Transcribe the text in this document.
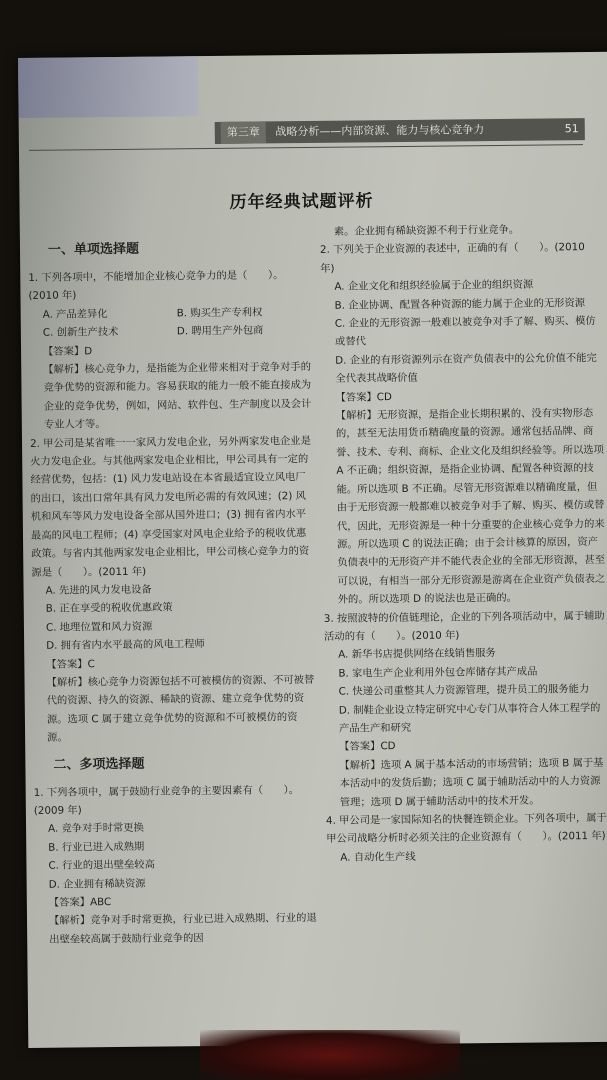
第三章 战略分析——内部资源、能力与核心竞争力	51
历年经典试题评析
一、单项选择题

1. 下列各项中，不能增加企业核心竞争力的是（　　）。(2010 年)

A. 产品差异化	B. 购买生产专利权
C. 创新生产技术	D. 聘用生产外包商

【答案】D

【解析】核心竞争力，是指能为企业带来相对于竞争对手的竞争优势的资源和能力。容易获取的能力一般不能直接成为企业的竞争优势，例如，网站、软件包、生产制度以及会计专业人才等。

2. 甲公司是某省唯一一家风力发电企业，另外两家发电企业是火力发电企业。与其他两家发电企业相比，甲公司具有一定的经营优势，包括：(1) 风力发电站设在本省最适宜设立风电厂的出口，该出口常年具有风力发电所必需的有效风速；(2) 风机和风车等风力发电设备全部从国外进口；(3) 拥有省内水平最高的风电工程师；(4) 享受国家对风电企业给予的税收优惠政策。与省内其他两家发电企业相比，甲公司核心竞争力的资源是（　　）。(2011 年)

A. 先进的风力发电设备

B. 正在享受的税收优惠政策

C. 地理位置和风力资源

D. 拥有省内水平最高的风电工程师

【答案】C

【解析】核心竞争力资源包括不可被模仿的资源、不可被替代的资源、持久的资源、稀缺的资源、建立竞争优势的资源。选项 C 属于建立竞争优势的资源和不可被模仿的资源。

二、多项选择题

1. 下列各项中，属于鼓励行业竞争的主要因素有（　　）。(2009 年)

A. 竞争对手时常更换

B. 行业已进入成熟期

C. 行业的退出壁垒较高

D. 企业拥有稀缺资源

【答案】ABC

【解析】竞争对手时常更换，行业已进入成熟期、行业的退出壁垒较高属于鼓励行业竞争的因

素。企业拥有稀缺资源不利于行业竞争。

2. 下列关于企业资源的表述中，正确的有（　　）。(2010 年)

A. 企业文化和组织经验属于企业的组织资源

B. 企业协调、配置各种资源的能力属于企业的无形资源

C. 企业的无形资源一般难以被竞争对手了解、购买、模仿或替代

D. 企业的有形资源列示在资产负债表中的公允价值不能完全代表其战略价值

【答案】CD

【解析】无形资源，是指企业长期积累的、没有实物形态的，甚至无法用货币精确度量的资源。通常包括品牌、商誉、技术、专利、商标、企业文化及组织经验等。所以选项 A 不正确；组织资源，是指企业协调、配置各种资源的技能。所以选项 B 不正确。尽管无形资源难以精确度量，但由于无形资源一般都难以被竞争对手了解、购买、模仿或替代，因此，无形资源是一种十分重要的企业核心竞争力的来源。所以选项 C 的说法正确；由于会计核算的原因，资产负债表中的无形资产并不能代表企业的全部无形资源，甚至可以说，有相当一部分无形资源是游离在企业资产负债表之外的。所以选项 D 的说法也是正确的。

3. 按照波特的价值链理论，企业的下列各项活动中，属于辅助活动的有（　　）。(2010 年)

A. 新华书店提供网络在线销售服务

B. 家电生产企业利用外包仓库储存其产成品

C. 快递公司重整其人力资源管理，提升员工的服务能力

D. 制鞋企业设立特定研究中心专门从事符合人体工程学的产品生产和研究

【答案】CD

【解析】选项 A 属于基本活动的市场营销；选项 B 属于基本活动中的发货后勤；选项 C 属于辅助活动中的人力资源管理；选项 D 属于辅助活动中的技术开发。

4. 甲公司是一家国际知名的快餐连锁企业。下列各项中，属于甲公司战略分析时必须关注的企业资源有（　　）。(2011 年)

A. 自动化生产线
